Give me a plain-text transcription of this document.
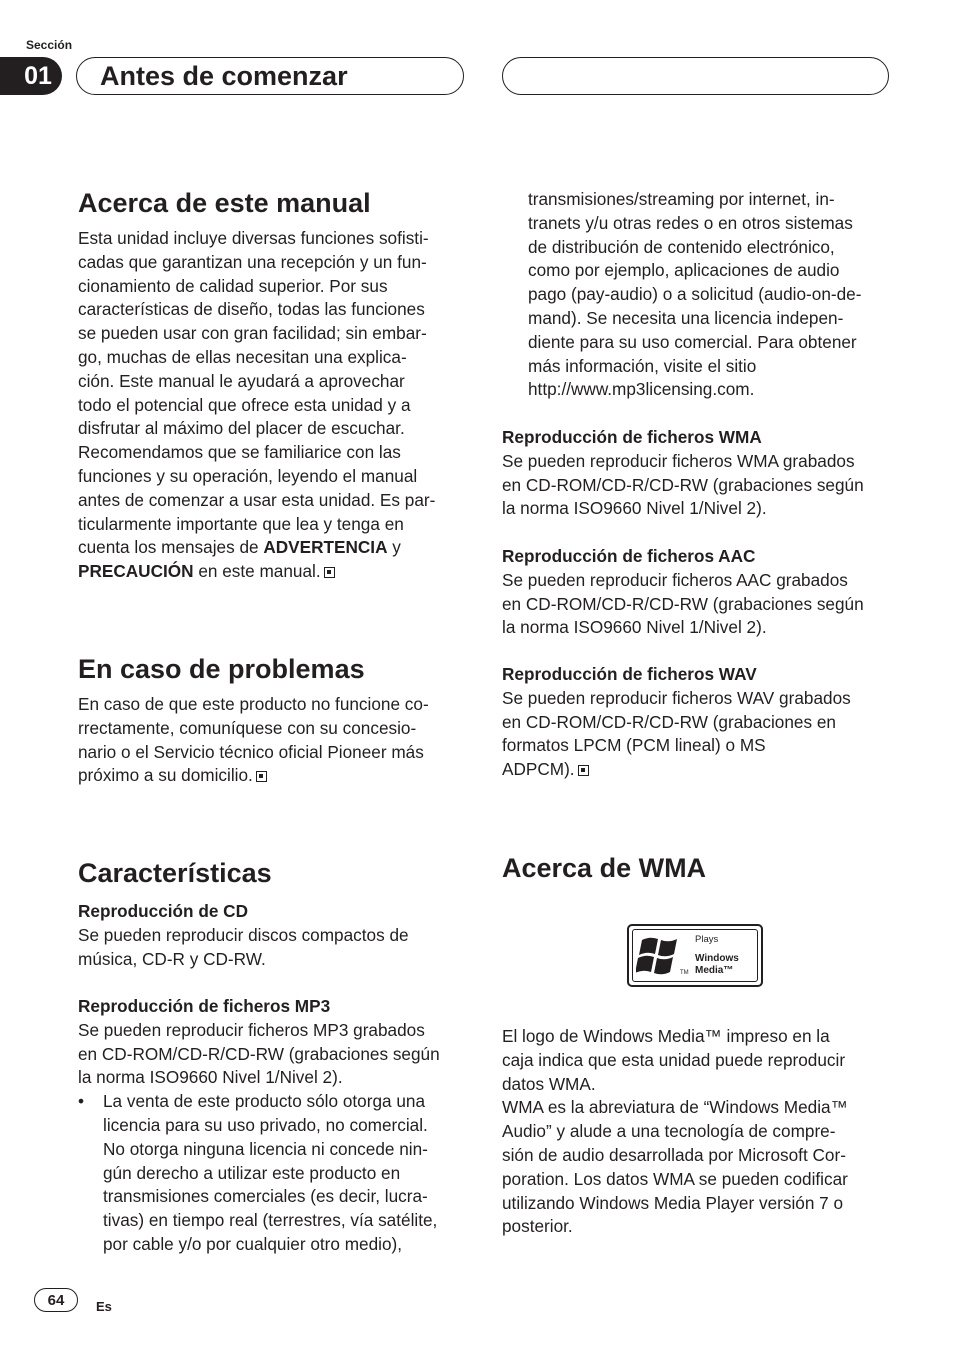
Sección
01	Antes de comenzar
Acerca de este manual

Esta unidad incluye diversas funciones sofisti-

cadas que garantizan una recepción y un fun-

cionamiento de calidad superior. Por sus

características de diseño, todas las funciones

se pueden usar con gran facilidad; sin embar-

go, muchas de ellas necesitan una explica-

ción. Este manual le ayudará a aprovechar

todo el potencial que ofrece esta unidad y a

disfrutar al máximo del placer de escuchar.

Recomendamos que se familiarice con las

funciones y su operación, leyendo el manual

antes de comenzar a usar esta unidad. Es par-

ticularmente importante que lea y tenga en

cuenta los mensajes de ADVERTENCIA y

PRECAUCIÓN en este manual.

En caso de problemas

En caso de que este producto no funcione co-

rrectamente, comuníquese con su concesio-

nario o el Servicio técnico oficial Pioneer más

próximo a su domicilio.

Características

Reproducción de CD

Se pueden reproducir discos compactos de

música, CD-R y CD-RW.

Reproducción de ficheros MP3

Se pueden reproducir ficheros MP3 grabados

en CD-ROM/CD-R/CD-RW (grabaciones según

la norma ISO9660 Nivel 1/Nivel 2).

• La venta de este producto sólo otorga una

licencia para su uso privado, no comercial.

No otorga ninguna licencia ni concede nin-

gún derecho a utilizar este producto en

transmisiones comerciales (es decir, lucra-

tivas) en tiempo real (terrestres, vía satélite,

por cable y/o por cualquier otro medio),

transmisiones/streaming por internet, in-

tranets y/u otras redes o en otros sistemas

de distribución de contenido electrónico,

como por ejemplo, aplicaciones de audio

pago (pay-audio) o a solicitud (audio-on-de-

mand). Se necesita una licencia indepen-

diente para su uso comercial. Para obtener

más información, visite el sitio

http://www.mp3licensing.com.

Reproducción de ficheros WMA

Se pueden reproducir ficheros WMA grabados

en CD-ROM/CD-R/CD-RW (grabaciones según

la norma ISO9660 Nivel 1/Nivel 2).

Reproducción de ficheros AAC

Se pueden reproducir ficheros AAC grabados

en CD-ROM/CD-R/CD-RW (grabaciones según

la norma ISO9660 Nivel 1/Nivel 2).

Reproducción de ficheros WAV

Se pueden reproducir ficheros WAV grabados

en CD-ROM/CD-R/CD-RW (grabaciones en

formatos LPCM (PCM lineal) o MS

ADPCM).

Acerca de WMA
TM
Plays
Windows
Media™

El logo de Windows Media™ impreso en la

caja indica que esta unidad puede reproducir

datos WMA.

WMA es la abreviatura de “Windows Media™

Audio” y alude a una tecnología de compre-

sión de audio desarrollada por Microsoft Cor-

poration. Los datos WMA se pueden codificar

utilizando Windows Media Player versión 7 o

posterior.

64	Es
